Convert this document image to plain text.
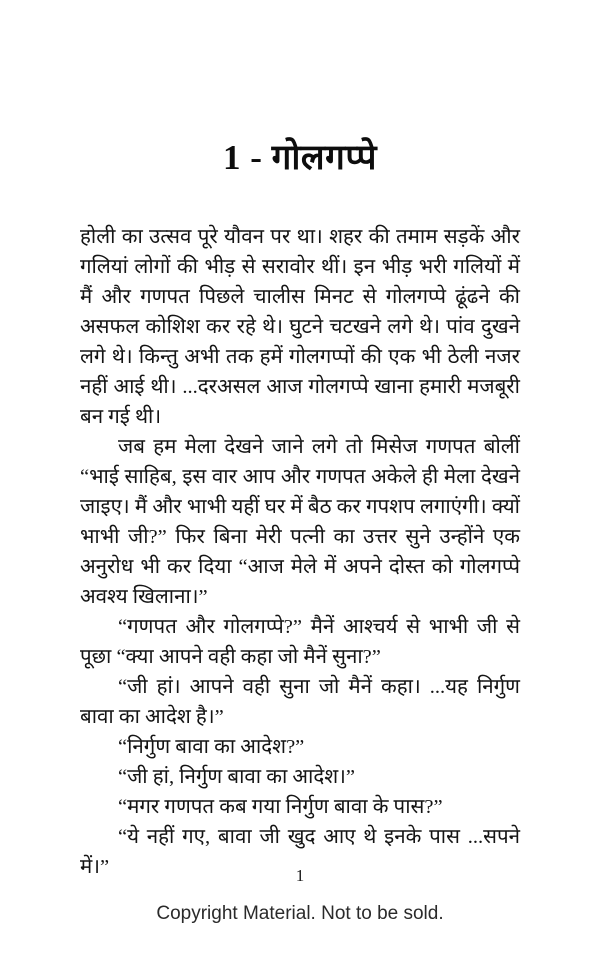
1 - गोलगप्पे

होली का उत्सव पूरे यौवन पर था। शहर की तमाम सड़कें और गलियां लोगों की भीड़ से सरावोर थीं। इन भीड़ भरी गलियों में मैं और गणपत पिछले चालीस मिनट से गोलगप्पे ढूंढने की असफल कोशिश कर रहे थे। घुटने चटखने लगे थे। पांव दुखने लगे थे। किन्तु अभी तक हमें गोलगप्पों की एक भी ठेली नजर नहीं आई थी। ...दरअसल आज गोलगप्पे खाना हमारी मजबूरी बन गई थी।

जब हम मेला देखने जाने लगे तो मिसेज गणपत बोलीं “भाई साहिब, इस वार आप और गणपत अकेले ही मेला देखने जाइए। मैं और भाभी यहीं घर में बैठ कर गपशप लगाएंगी। क्यों भाभी जी?” फिर बिना मेरी पत्नी का उत्तर सुने उन्होंने एक अनुरोध भी कर दिया “आज मेले में अपने दोस्त को गोलगप्पे अवश्य खिलाना।”

“गणपत और गोलगप्पे?” मैनें आश्चर्य से भाभी जी से पूछा “क्या आपने वही कहा जो मैनें सुना?”

“जी हां। आपने वही सुना जो मैनें कहा। ...यह निर्गुण बावा का आदेश है।”

“निर्गुण बावा का आदेश?”

“जी हां, निर्गुण बावा का आदेश।”

“मगर गणपत कब गया निर्गुण बावा के पास?”

“ये नहीं गए, बावा जी खुद आए थे इनके पास ...सपने में।”	1
Copyright Material. Not to be sold.
